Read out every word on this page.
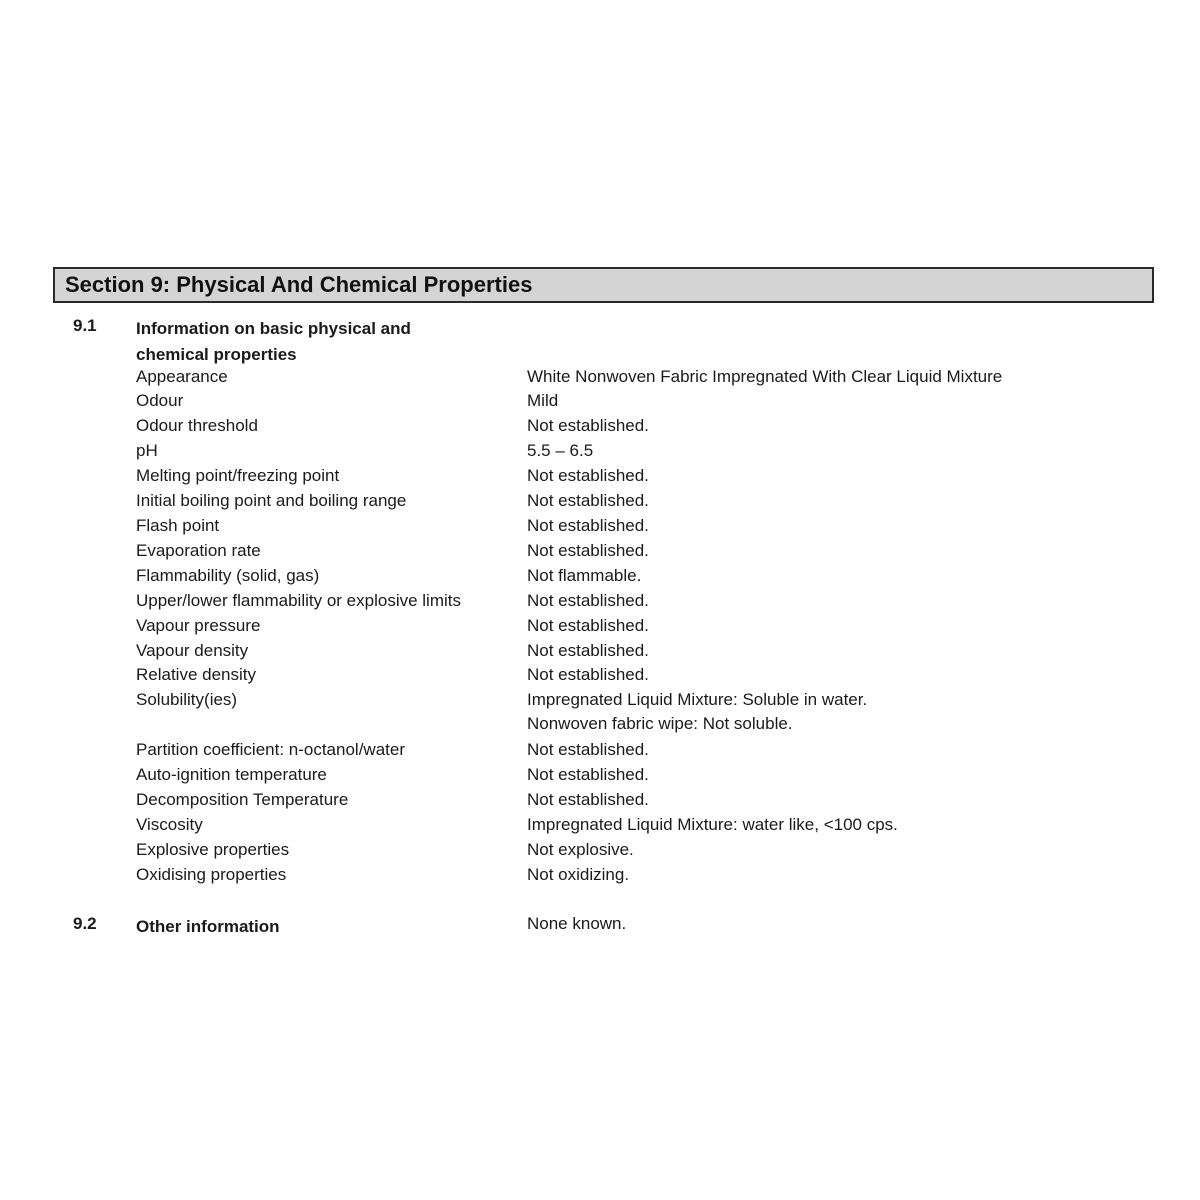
Section 9: Physical And Chemical Properties
9.1 Information on basic physical and chemical properties
Appearance	White Nonwoven Fabric Impregnated With Clear Liquid Mixture
Odour	Mild
Odour threshold	Not established.
pH	5.5 – 6.5
Melting point/freezing point	Not established.
Initial boiling point and boiling range	Not established.
Flash point	Not established.
Evaporation rate	Not established.
Flammability (solid, gas)	Not flammable.
Upper/lower flammability or explosive limits	Not established.
Vapour pressure	Not established.
Vapour density	Not established.
Relative density	Not established.
Solubility(ies)	Impregnated Liquid Mixture: Soluble in water.
Nonwoven fabric wipe: Not soluble.
Partition coefficient: n-octanol/water	Not established.
Auto-ignition temperature	Not established.
Decomposition Temperature	Not established.
Viscosity	Impregnated Liquid Mixture: water like, <100 cps.
Explosive properties	Not explosive.
Oxidising properties	Not oxidizing.
9.2 Other information	None known.
